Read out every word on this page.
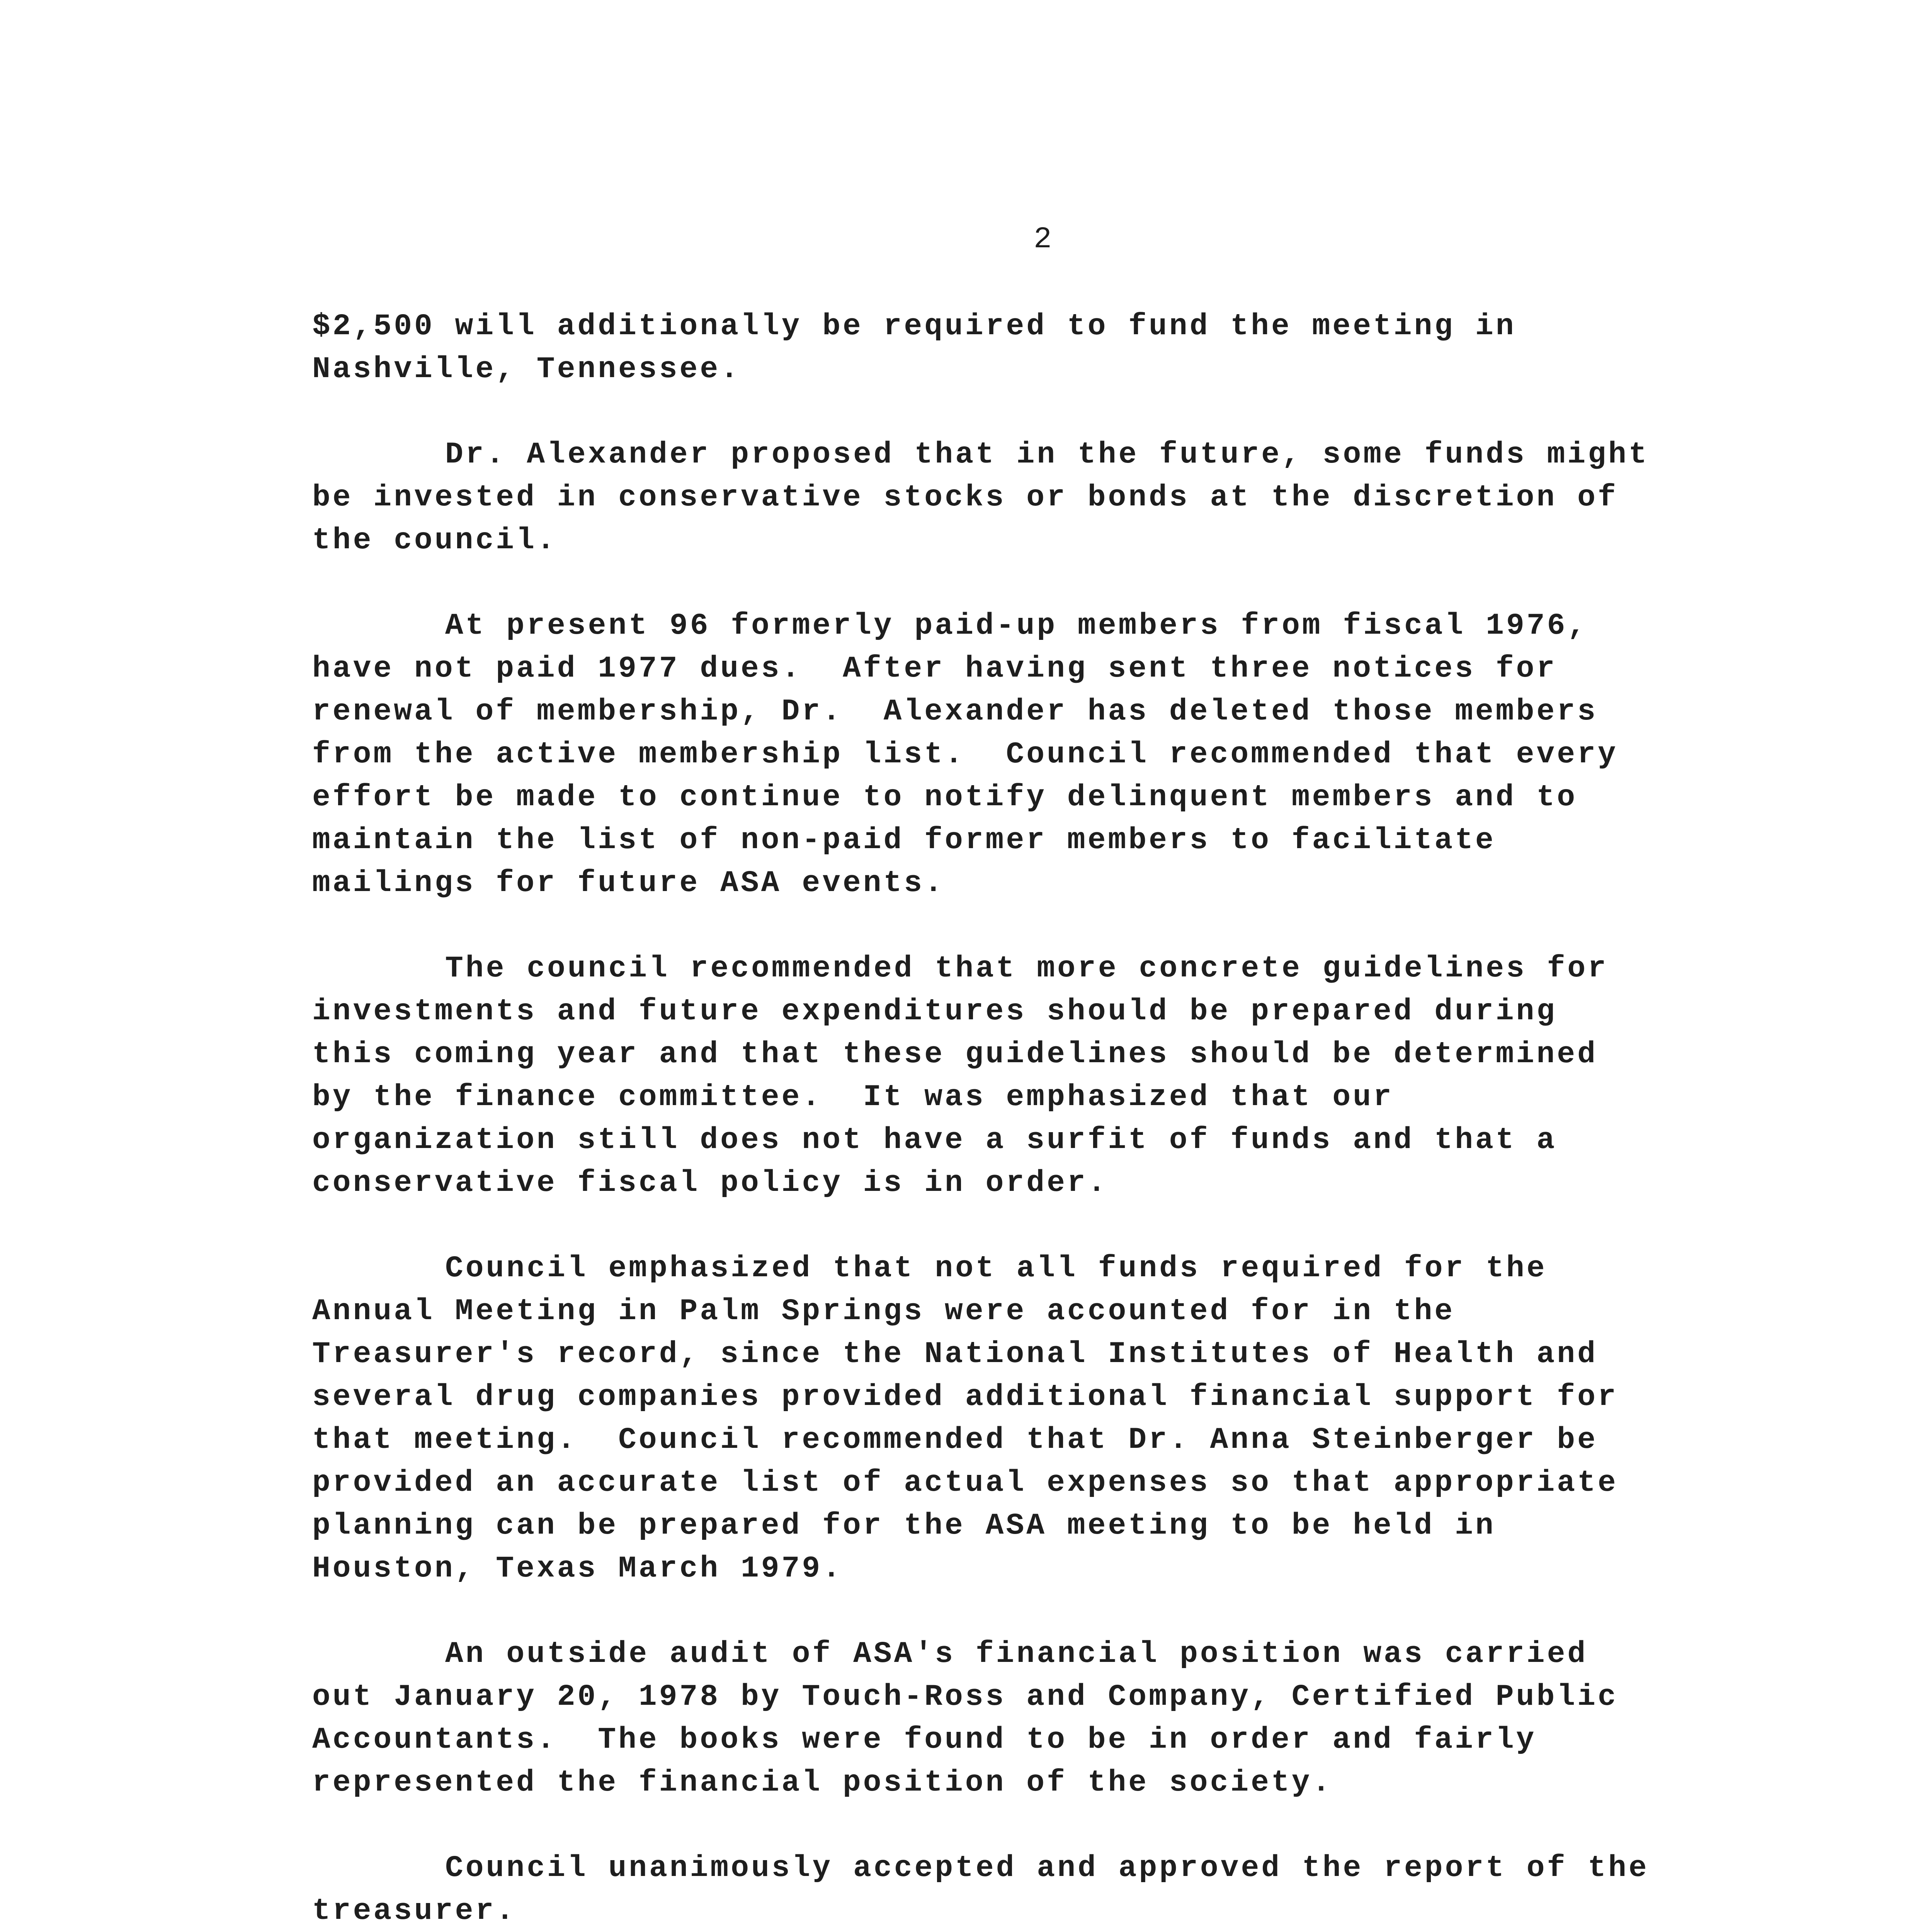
2
$2,500 will additionally be required to fund the meeting in
Nashville, Tennessee.
Dr. Alexander proposed that in the future, some funds might
be invested in conservative stocks or bonds at the discretion of
the council.
At present 96 formerly paid-up members from fiscal 1976,
have not paid 1977 dues.  After having sent three notices for
renewal of membership, Dr.  Alexander has deleted those members
from the active membership list.  Council recommended that every
effort be made to continue to notify delinquent members and to
maintain the list of non-paid former members to facilitate
mailings for future ASA events.
The council recommended that more concrete guidelines for
investments and future expenditures should be prepared during
this coming year and that these guidelines should be determined
by the finance committee.  It was emphasized that our
organization still does not have a surfit of funds and that a
conservative fiscal policy is in order.
Council emphasized that not all funds required for the
Annual Meeting in Palm Springs were accounted for in the
Treasurer's record, since the National Institutes of Health and
several drug companies provided additional financial support for
that meeting.  Council recommended that Dr. Anna Steinberger be
provided an accurate list of actual expenses so that appropriate
planning can be prepared for the ASA meeting to be held in
Houston, Texas March 1979.
An outside audit of ASA's financial position was carried
out January 20, 1978 by Touch-Ross and Company, Certified Public
Accountants.  The books were found to be in order and fairly
represented the financial position of the society.
Council unanimously accepted and approved the report of the
treasurer.
